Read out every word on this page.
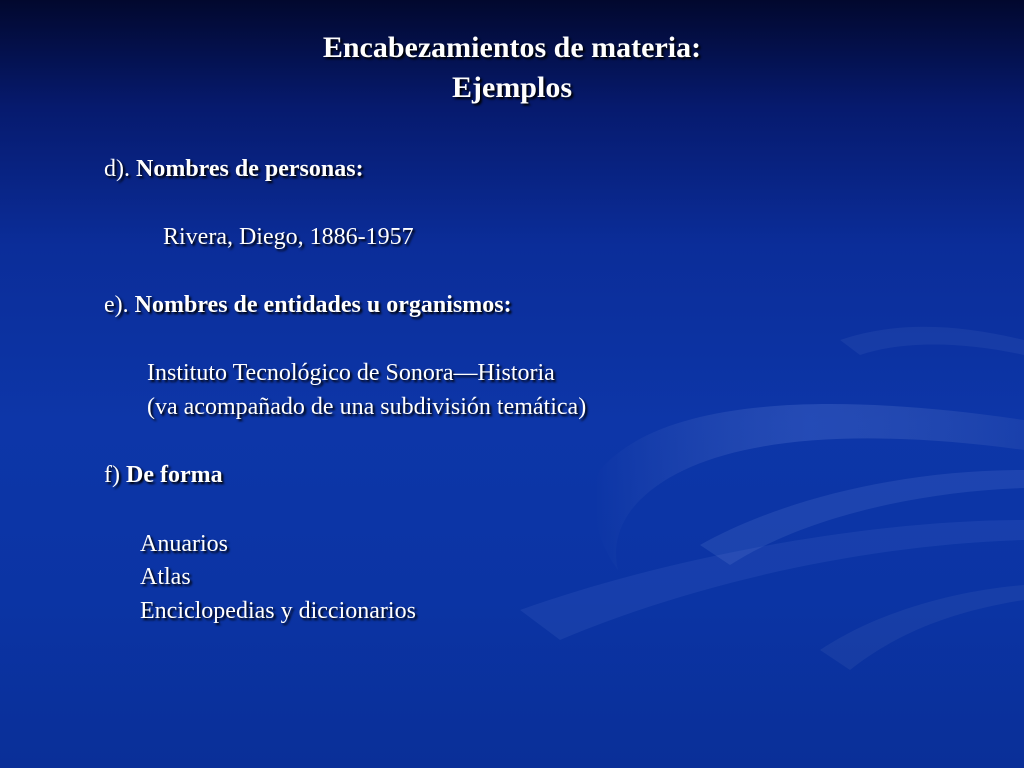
Encabezamientos de materia:
Ejemplos
d). Nombres de personas:
Rivera, Diego, 1886-1957
e). Nombres de entidades u organismos:
Instituto Tecnológico de Sonora—Historia
(va acompañado de una subdivisión temática)
f) De forma
Anuarios
Atlas
Enciclopedias y diccionarios
